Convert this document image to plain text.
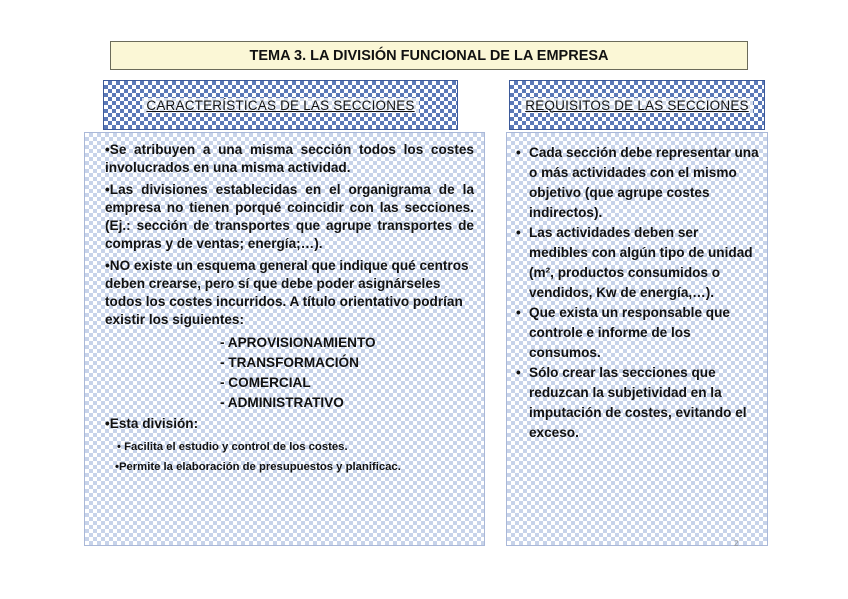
TEMA 3. LA DIVISIÓN FUNCIONAL DE LA EMPRESA
CARACTERÍSTICAS DE LAS SECCIONES	REQUISITOS DE LAS SECCIONES

•Se atribuyen a una misma sección todos los costes involucrados en una misma actividad.

•Las divisiones establecidas en el organigrama de la empresa no tienen porqué coincidir con las secciones. (Ej.: sección de transportes que agrupe transportes de compras y de ventas; energía;…).

•NO existe un esquema general que indique qué centros deben crearse, pero sí que debe poder asignárseles todos los costes incurridos. A título orientativo podrían existir los siguientes:

- APROVISIONAMIENTO
- TRANSFORMACIÓN
- COMERCIAL
- ADMINISTRATIVO

•Esta división:

• Facilita el estudio y control de los costes.
•Permite la elaboración de presupuestos y planificac.
• Cada sección debe representar una o más actividades con el mismo objetivo (que agrupe costes indirectos).
• Las actividades deben ser medibles con algún tipo de unidad (m², productos consumidos o vendidos, Kw de energía,…).
• Que exista un responsable que controle e informe de los consumos.
• Sólo crear las secciones que reduzcan la subjetividad en la imputación de costes, evitando el exceso.
2
